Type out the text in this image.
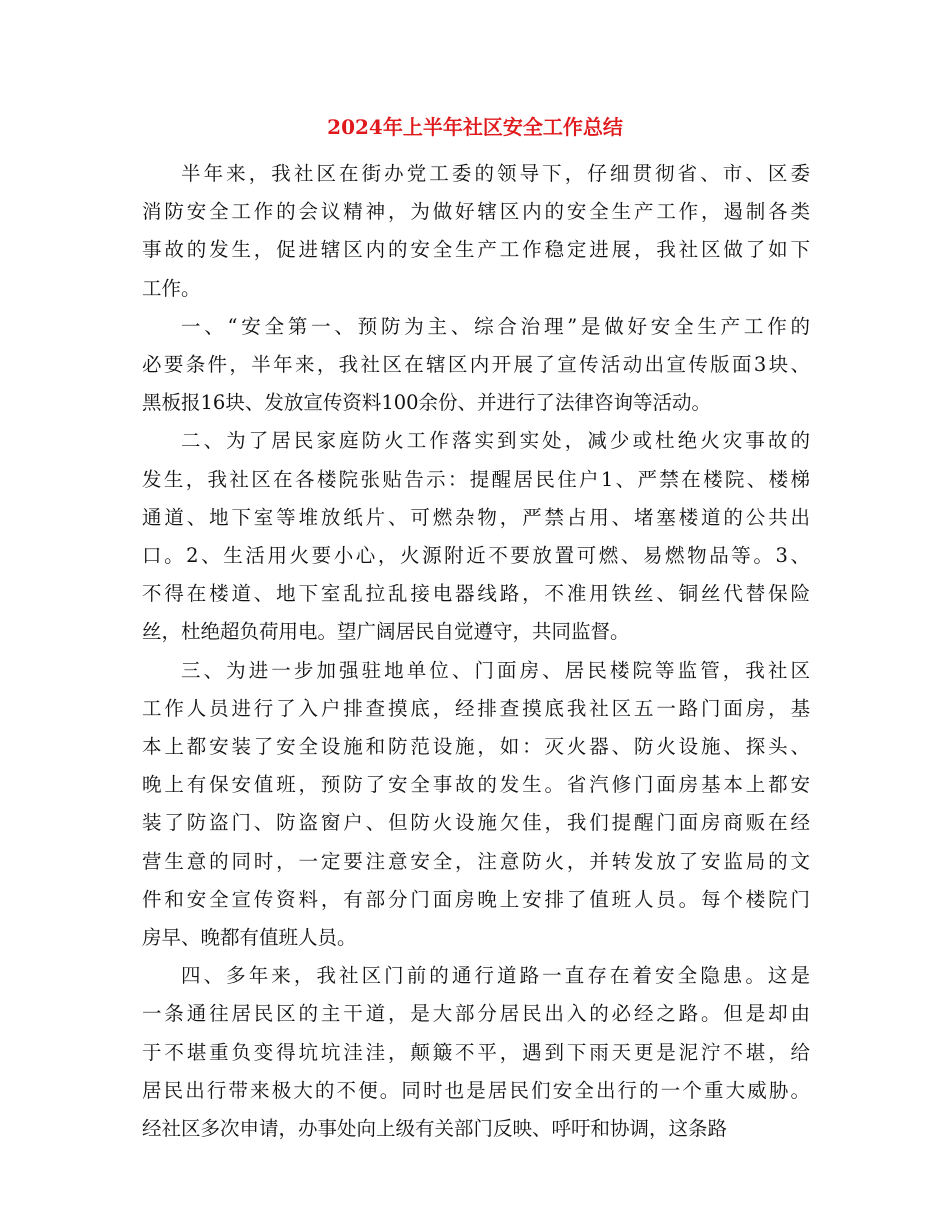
2024年上半年社区安全工作总结
半年来，我社区在街办党工委的领导下，仔细贯彻省、市、区委
消防安全工作的会议精神，为做好辖区内的安全生产工作，遏制各类
事故的发生，促进辖区内的安全生产工作稳定进展，我社区做了如下
工作。
一、“安全第一、预防为主、综合治理”是做好安全生产工作的
必要条件，半年来，我社区在辖区内开展了宣传活动出宣传版面3块、
黑板报16块、发放宣传资料100余份、并进行了法律咨询等活动。
二、为了居民家庭防火工作落实到实处，减少或杜绝火灾事故的
发生，我社区在各楼院张贴告示：提醒居民住户1、严禁在楼院、楼梯
通道、地下室等堆放纸片、可燃杂物，严禁占用、堵塞楼道的公共出
口。2、生活用火要小心，火源附近不要放置可燃、易燃物品等。3、
不得在楼道、地下室乱拉乱接电器线路，不准用铁丝、铜丝代替保险
丝，杜绝超负荷用电。望广阔居民自觉遵守，共同监督。
三、为进一步加强驻地单位、门面房、居民楼院等监管，我社区
工作人员进行了入户排查摸底，经排查摸底我社区五一路门面房，基
本上都安装了安全设施和防范设施，如：灭火器、防火设施、探头、
晚上有保安值班，预防了安全事故的发生。省汽修门面房基本上都安
装了防盗门、防盗窗户、但防火设施欠佳，我们提醒门面房商贩在经
营生意的同时，一定要注意安全，注意防火，并转发放了安监局的文
件和安全宣传资料，有部分门面房晚上安排了值班人员。每个楼院门
房早、晚都有值班人员。
四、多年来，我社区门前的通行道路一直存在着安全隐患。这是
一条通往居民区的主干道，是大部分居民出入的必经之路。但是却由
于不堪重负变得坑坑洼洼，颠簸不平，遇到下雨天更是泥泞不堪，给
居民出行带来极大的不便。同时也是居民们安全出行的一个重大威胁。
经社区多次申请，办事处向上级有关部门反映、呼吁和协调，这条路
